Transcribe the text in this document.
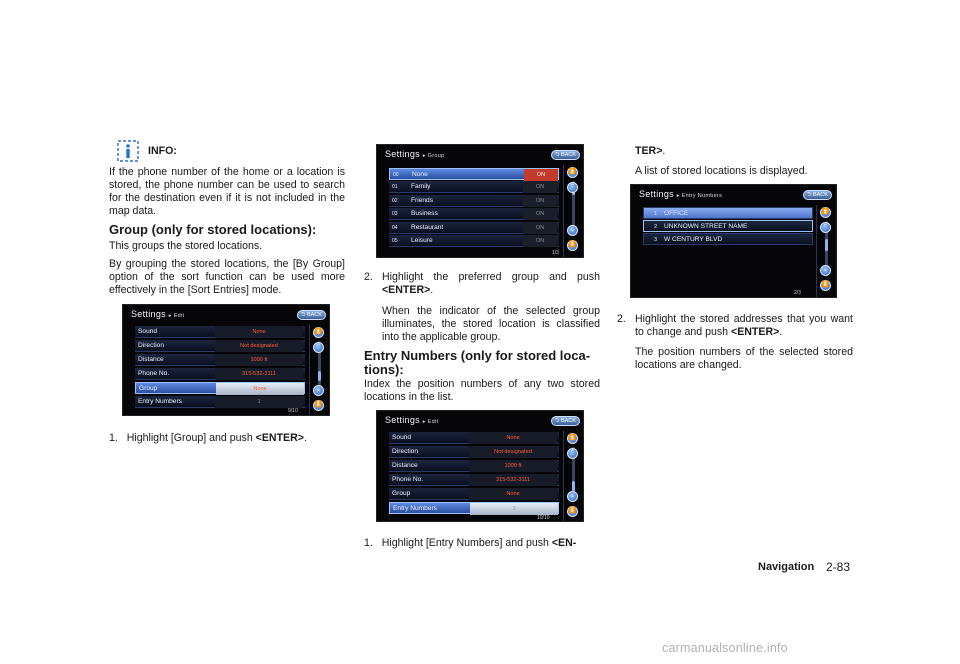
INFO:
If the phone number of the home or a location is stored, the phone number can be used to search for the destination even if it is not included in the map data.
Group (only for stored locations):
This groups the stored locations.
By grouping the stored locations, the [By Group] option of the sort function can be used more effectively in the [Sort Entries] mode.
Settings ▸ Edit	⮌ BACK
Sound	None
Direction	Not designated
Distance	1000 ft
Phone No.	315-532-3111
Group	None
Entry Numbers	1
⏫
⌃
⌄
⏬
9/10
1. Highlight [Group] and push <ENTER>.
Settings ▸ Group	⮌ BACK
00 None	ON
01 Family	ON
02 Friends	ON
03 Business	ON
04 Restaurant	ON
05 Leisure	ON
⏫
⌃
⌄
⏬
1/3
2. Highlight the preferred group and push <ENTER>.
When the indicator of the selected group illuminates, the stored location is classified into the applicable group.
Entry Numbers (only for stored loca-tions):
Index the position numbers of any two stored locations in the list.
Settings ▸ Edit	⮌ BACK
Sound	None
Direction	Not designated
Distance	1000 ft
Phone No.	315-532-3111
Group	None
Entry Numbers	1
⏫
⌃
⌄
⏬
10/10
1. Highlight [Entry Numbers] and push <EN-
TER>.
A list of stored locations is displayed.
Settings ▸ Entry Numbers	⮌ BACK
1 OFFICE
2 UNKNOWN STREET NAME
3 W CENTURY BLVD
⏫
⌃
⌄
⏬
2/3
2. Highlight the stored addresses that you want to change and push <ENTER>.
The position numbers of the selected stored locations are changed.
Navigation 2-83
carmanualsonline.info
